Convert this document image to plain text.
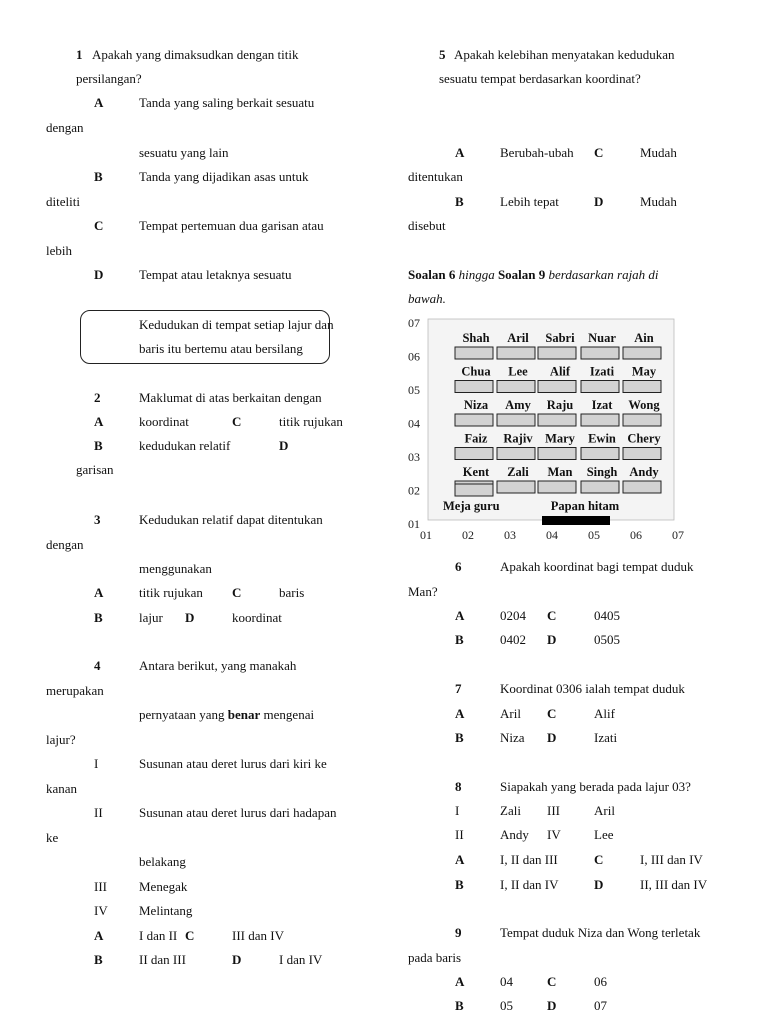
1 Apakah yang dimaksudkan dengan titik
persilangan?
A	Tanda yang saling berkait sesuatu
dengan
sesuatu yang lain
B	Tanda yang dijadikan asas untuk
diteliti
C	Tempat pertemuan dua garisan atau
lebih
D	Tempat atau letaknya sesuatu
Kedudukan di tempat setiap lajur dan
baris itu bertemu atau bersilang
2	Maklumat di atas berkaitan dengan
A	koordinat	C	titik rujukan
B	kedudukan relatif	D
garisan
3	Kedudukan relatif dapat ditentukan
dengan
menggunakan
A	titik rujukan C	baris
B	lajur D	koordinat
4	Antara berikut, yang manakah
merupakan
pernyataan yang benar mengenai
lajur?
I	Susunan atau deret lurus dari kiri ke
kanan
II	Susunan atau deret lurus dari hadapan
ke
belakang
III Menegak
IV Melintang
A	I dan II C	III dan IV
B	II dan III	D	I dan IV
5 Apakah kelebihan menyatakan kedudukan
sesuatu tempat berdasarkan koordinat?
A	Berubah-ubah C	Mudah
ditentukan
B	Lebih tepat	D	Mudah
disebut
Soalan 6 hingga Soalan 9 berdasarkan rajah di
bawah.
07
06
05
04
03
02
01
01	02	03	04	05	06	07
Shah Aril Sabri Nuar Ain
Chua Lee Alif Izati May
Niza Amy Raju Izat Wong
Faiz Rajiv Mary Ewin Chery
Kent Zali Man Singh Andy
Meja guru	Papan hitam
6	Apakah koordinat bagi tempat duduk
Man?
A	0204 C	0405
B	0402 D	0505
7	Koordinat 0306 ialah tempat duduk
A	Aril C	Alif
B	Niza D	Izati
8	Siapakah yang berada pada lajur 03?
I	Zali III	Aril
II	Andy IV	Lee
A	I, II dan III	C	I, III dan IV
B	I, II dan IV	D	II, III dan IV
9	Tempat duduk Niza dan Wong terletak
pada baris
A	04	C	06
B	05	D	07
